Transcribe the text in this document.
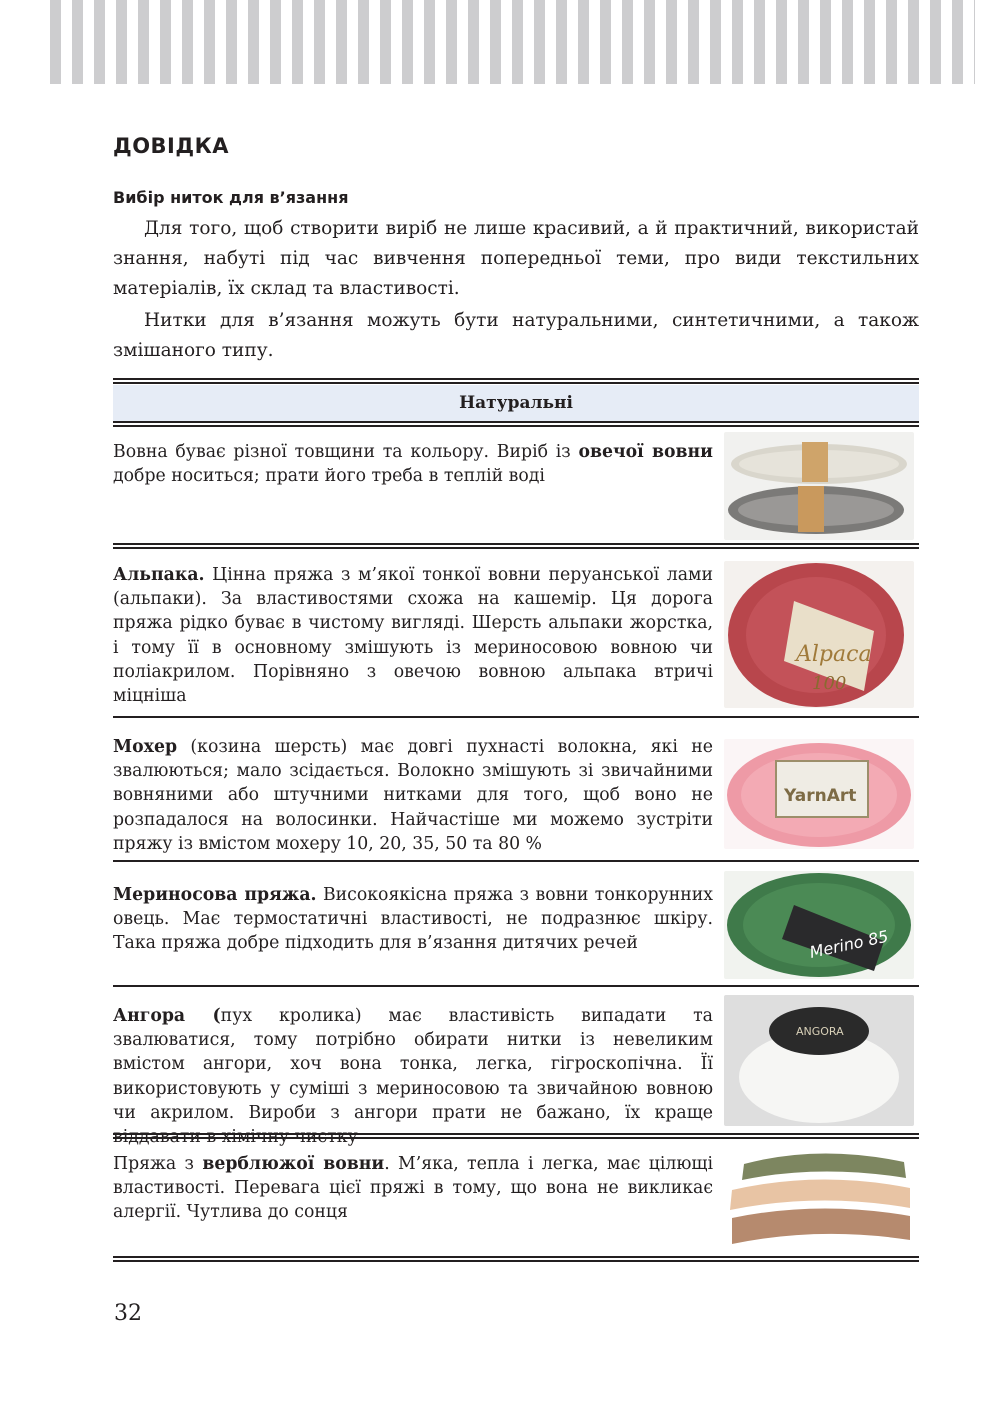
ДОВІДКА
Вибір ниток для в’язання

Для того, щоб створити виріб не лише красивий, а й практичний, використай знання, набуті під час вивчення попередньої теми, про види текстильних матеріалів, їх склад та властивості.

Нитки для в’язання можуть бути натуральними, синтетичними, а також змішаного типу.

Натуральні

Вовна буває різної товщини та кольору. Виріб із овечої вовни добре носиться; прати його треба в теплій воді

Альпака. Цінна пряжа з м’якої тонкої вовни перуанської лами (альпаки). За властивостями схожа на кашемір. Ця дорога пряжа рідко буває в чистому вигляді. Шерсть альпаки жорстка, і тому її в основному змішують із мериносовою вовною чи поліакрилом. Порівняно з овечою вовною альпака втричі міцніша

Alpaca
100

Мохер (козина шерсть) має довгі пухнасті волокна, які не звалюються; мало зсідається. Волокно змішують зі звичайними вовняними або штучними нитками для того, щоб воно не розпадалося на волосинки. Найчастіше ми можемо зустріти пряжу із вмістом мохеру 10, 20, 35, 50 та 80 %

YarnArt

Мериносова пряжа. Високоякісна пряжа з вовни тонкорунних овець. Має термостатичні властивості, не подразнює шкіру. Така пряжа добре підходить для в’язання дитячих речей	Merino 85

Ангора (пух кролика) має властивість випадати та звалюватися, тому потрібно обирати нитки із невеликим вмістом ангори, хоч вона тонка, легка, гігроскопічна. Її використовують у суміші з мериносовою та звичайною вовною чи акрилом. Вироби з ангори прати не бажано, їх краще віддавати в хімічну чистку

ANGORA

Пряжа з верблюжої вовни. М’яка, тепла і легка, має цілющі властивості. Перевага цієї пряжі в тому, що вона не викликає алергії. Чутлива до сонця

32
